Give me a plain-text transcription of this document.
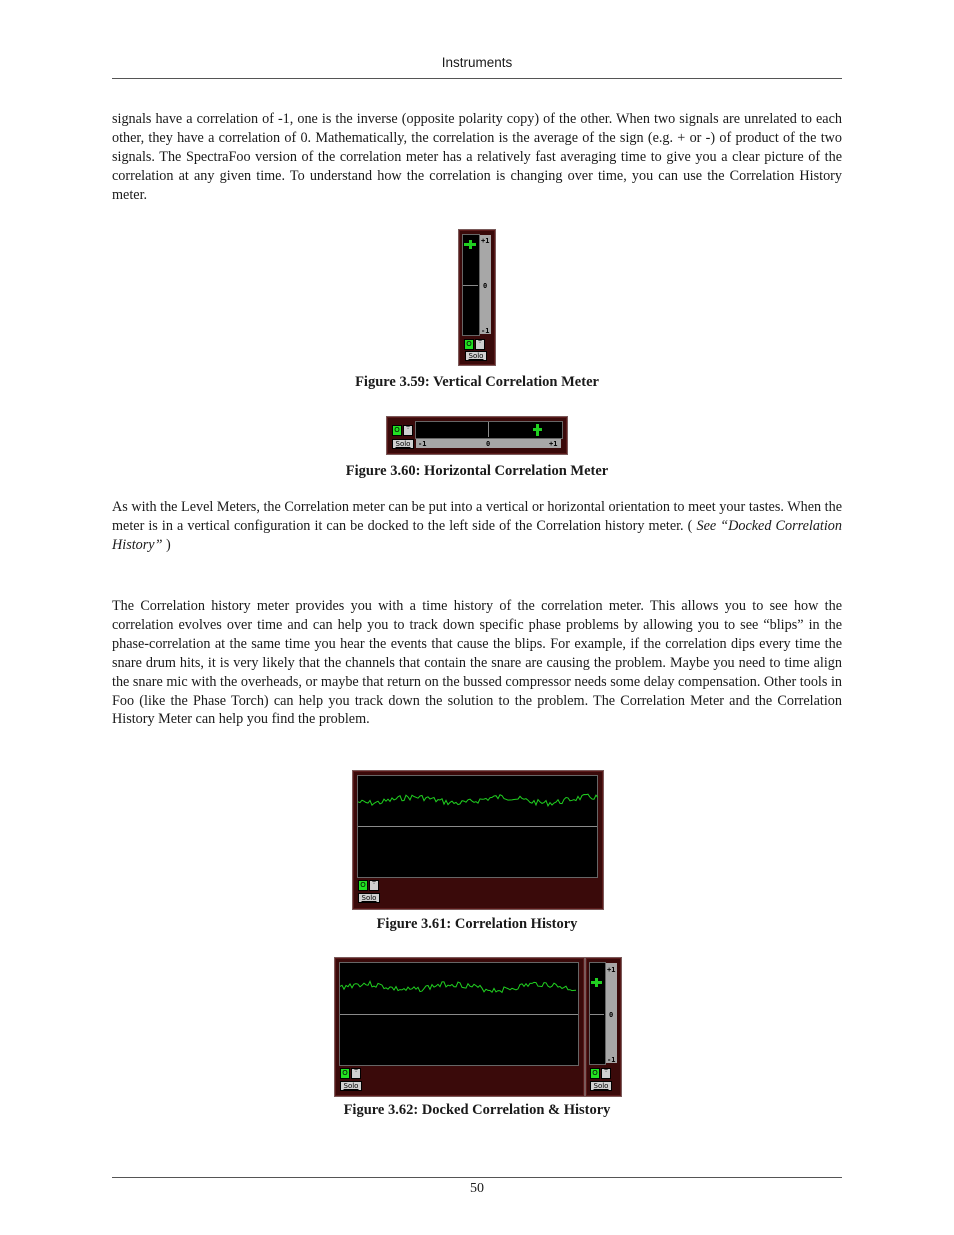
Instruments

signals have a correlation of -1, one is the inverse (opposite polarity copy) of the other. When two signals are unrelated to each other, they have a correlation of 0. Mathematically, the correlation is the average of the sign (e.g. + or -) of product of the two signals. The SpectraFoo version of the correlation meter has a relatively fast averaging time to give you a clear picture of the correlation at any given time. To understand how the correlation is changing over time, you can use the Correlation History meter.

+1
0
-1
O ÷
Solo
Figure 3.59: Vertical Correlation Meter
-1	0	+1
O ÷
Solo
Figure 3.60: Horizontal Correlation Meter

As with the Level Meters, the Correlation meter can be put into a vertical or horizontal orientation to meet your tastes. When the meter is in a vertical configuration it can be docked to the left side of the Correlation history meter. ( See “Docked Correlation History” )

The Correlation history meter provides you with a time history of the correlation meter. This allows you to see how the correlation evolves over time and can help you to track down specific phase problems by allowing you to see “blips” in the phase-correlation at the same time you hear the events that cause the blips. For example, if the correlation dips every time the snare drum hits, it is very likely that the channels that contain the snare are causing the problem. Maybe you need to time align the snare mic with the overheads, or maybe that return on the bussed compressor needs some delay compensation. Other tools in Foo (like the Phase Torch) can help you track down the solution to the problem. The Correlation Meter and the Correlation History Meter can help you find the problem.

O ÷
Solo
Figure 3.61: Correlation History
O ÷
Solo
+1
0
-1
O ÷
Solo
Figure 3.62: Docked Correlation & History
50
